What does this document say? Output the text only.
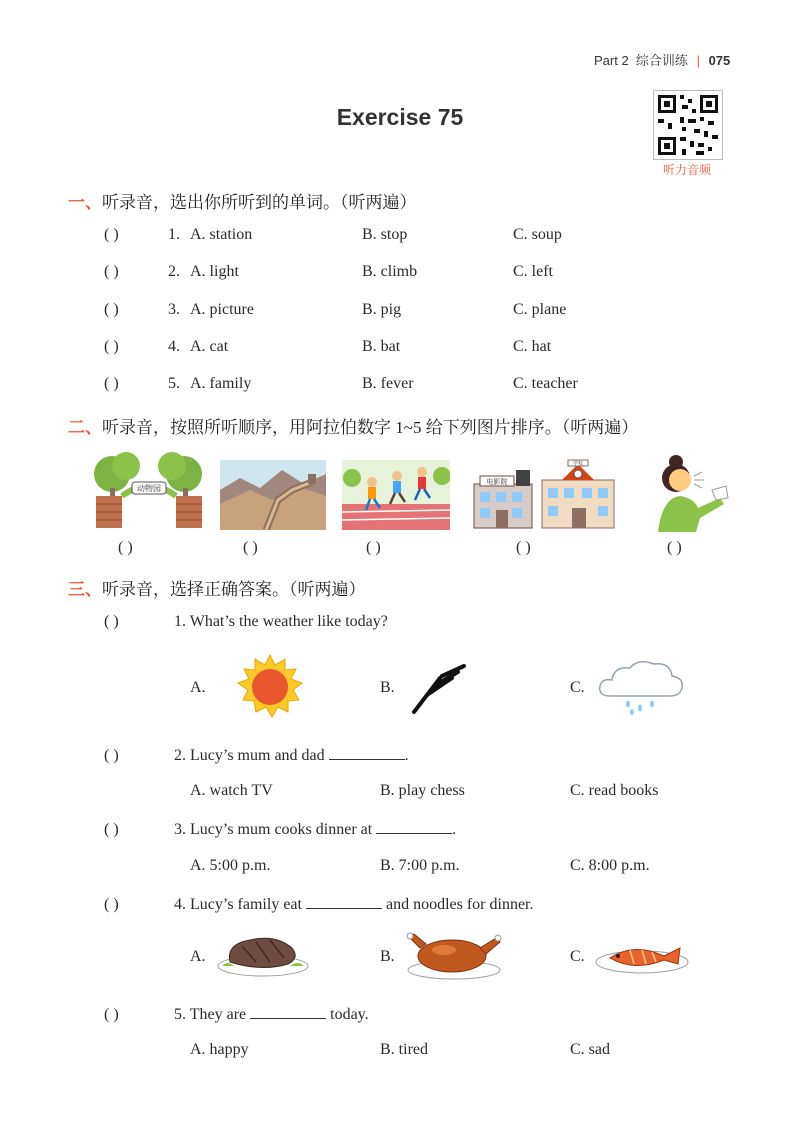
Part 2 综合训练 | 075
Exercise 75
听力音频
一、听录音，选出你所听到的单词。（听两遍）
( )	1. A. station	B. stop	C. soup
( )	2. A. light	B. climb	C. left
( )	3. A. picture	B. pig	C. plane
( )	4. A. cat	B. bat	C. hat
( )	5. A. family	B. fever	C. teacher
二、听录音，按照所听顺序，用阿拉伯数字 1~5 给下列图片排序。（听两遍）
动物园
电影院
学校
( )	( )	( )	( )	( )
三、听录音，选择正确答案。（听两遍）
( )	1. What’s the weather like today?
A.	B.	C.
( )	2. Lucy’s mum and dad	.
A. watch TV	B. play chess	C. read books
( )	3. Lucy’s mum cooks dinner at	.
A. 5:00 p.m.	B. 7:00 p.m.	C. 8:00 p.m.
( )	4. Lucy’s family eat	and noodles for dinner.
A.	B.	C.
( )	5. They are	today.
A. happy	B. tired	C. sad
